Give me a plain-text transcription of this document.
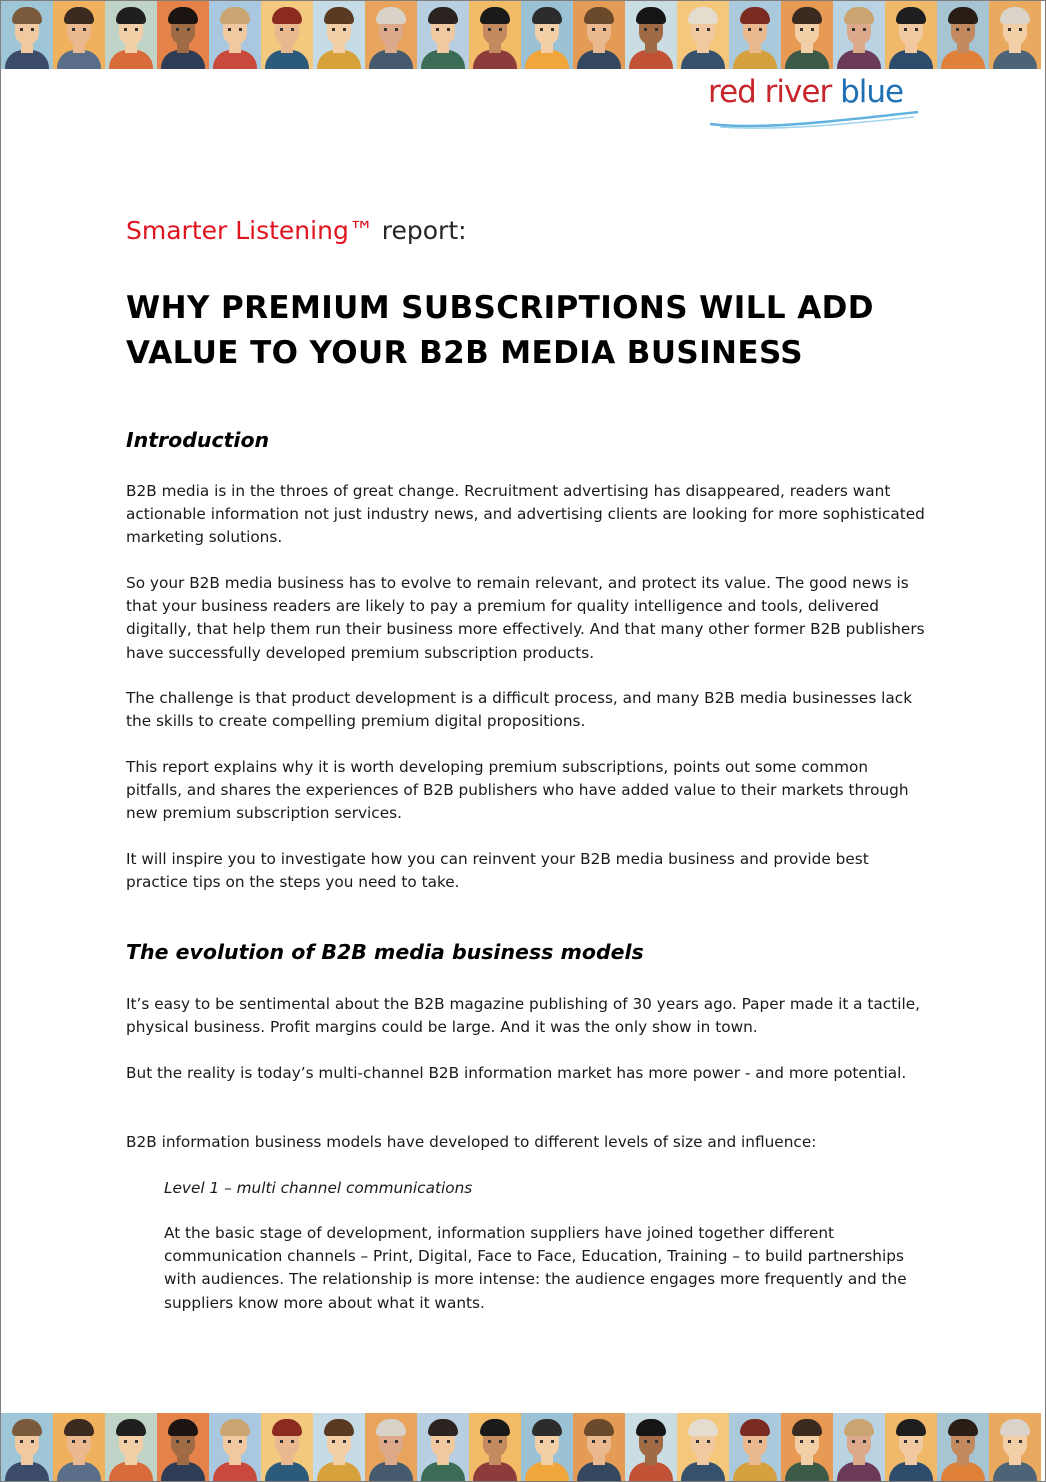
red river blue
Smarter Listening™ report:
WHY PREMIUM SUBSCRIPTIONS WILL ADD VALUE TO YOUR B2B MEDIA BUSINESS
Introduction

B2B media is in the throes of great change. Recruitment advertising has disappeared, readers want actionable information not just industry news, and advertising clients are looking for more sophisticated marketing solutions.

So your B2B media business has to evolve to remain relevant, and protect its value. The good news is that your business readers are likely to pay a premium for quality intelligence and tools, delivered digitally, that help them run their business more effectively. And that many other former B2B publishers have successfully developed premium subscription products.

The challenge is that product development is a difficult process, and many B2B media businesses lack the skills to create compelling premium digital propositions.

This report explains why it is worth developing premium subscriptions, points out some common pitfalls, and shares the experiences of B2B publishers who have added value to their markets through new premium subscription services.

It will inspire you to investigate how you can reinvent your B2B media business and provide best practice tips on the steps you need to take.

The evolution of B2B media business models

It’s easy to be sentimental about the B2B magazine publishing of 30 years ago. Paper made it a tactile, physical business. Profit margins could be large. And it was the only show in town.

But the reality is today’s multi-channel B2B information market has more power - and more potential.

B2B information business models have developed to different levels of size and influence:

Level 1 – multi channel communications

At the basic stage of development, information suppliers have joined together different communication channels – Print, Digital, Face to Face, Education, Training – to build partnerships with audiences. The relationship is more intense: the audience engages more frequently and the suppliers know more about what it wants.
